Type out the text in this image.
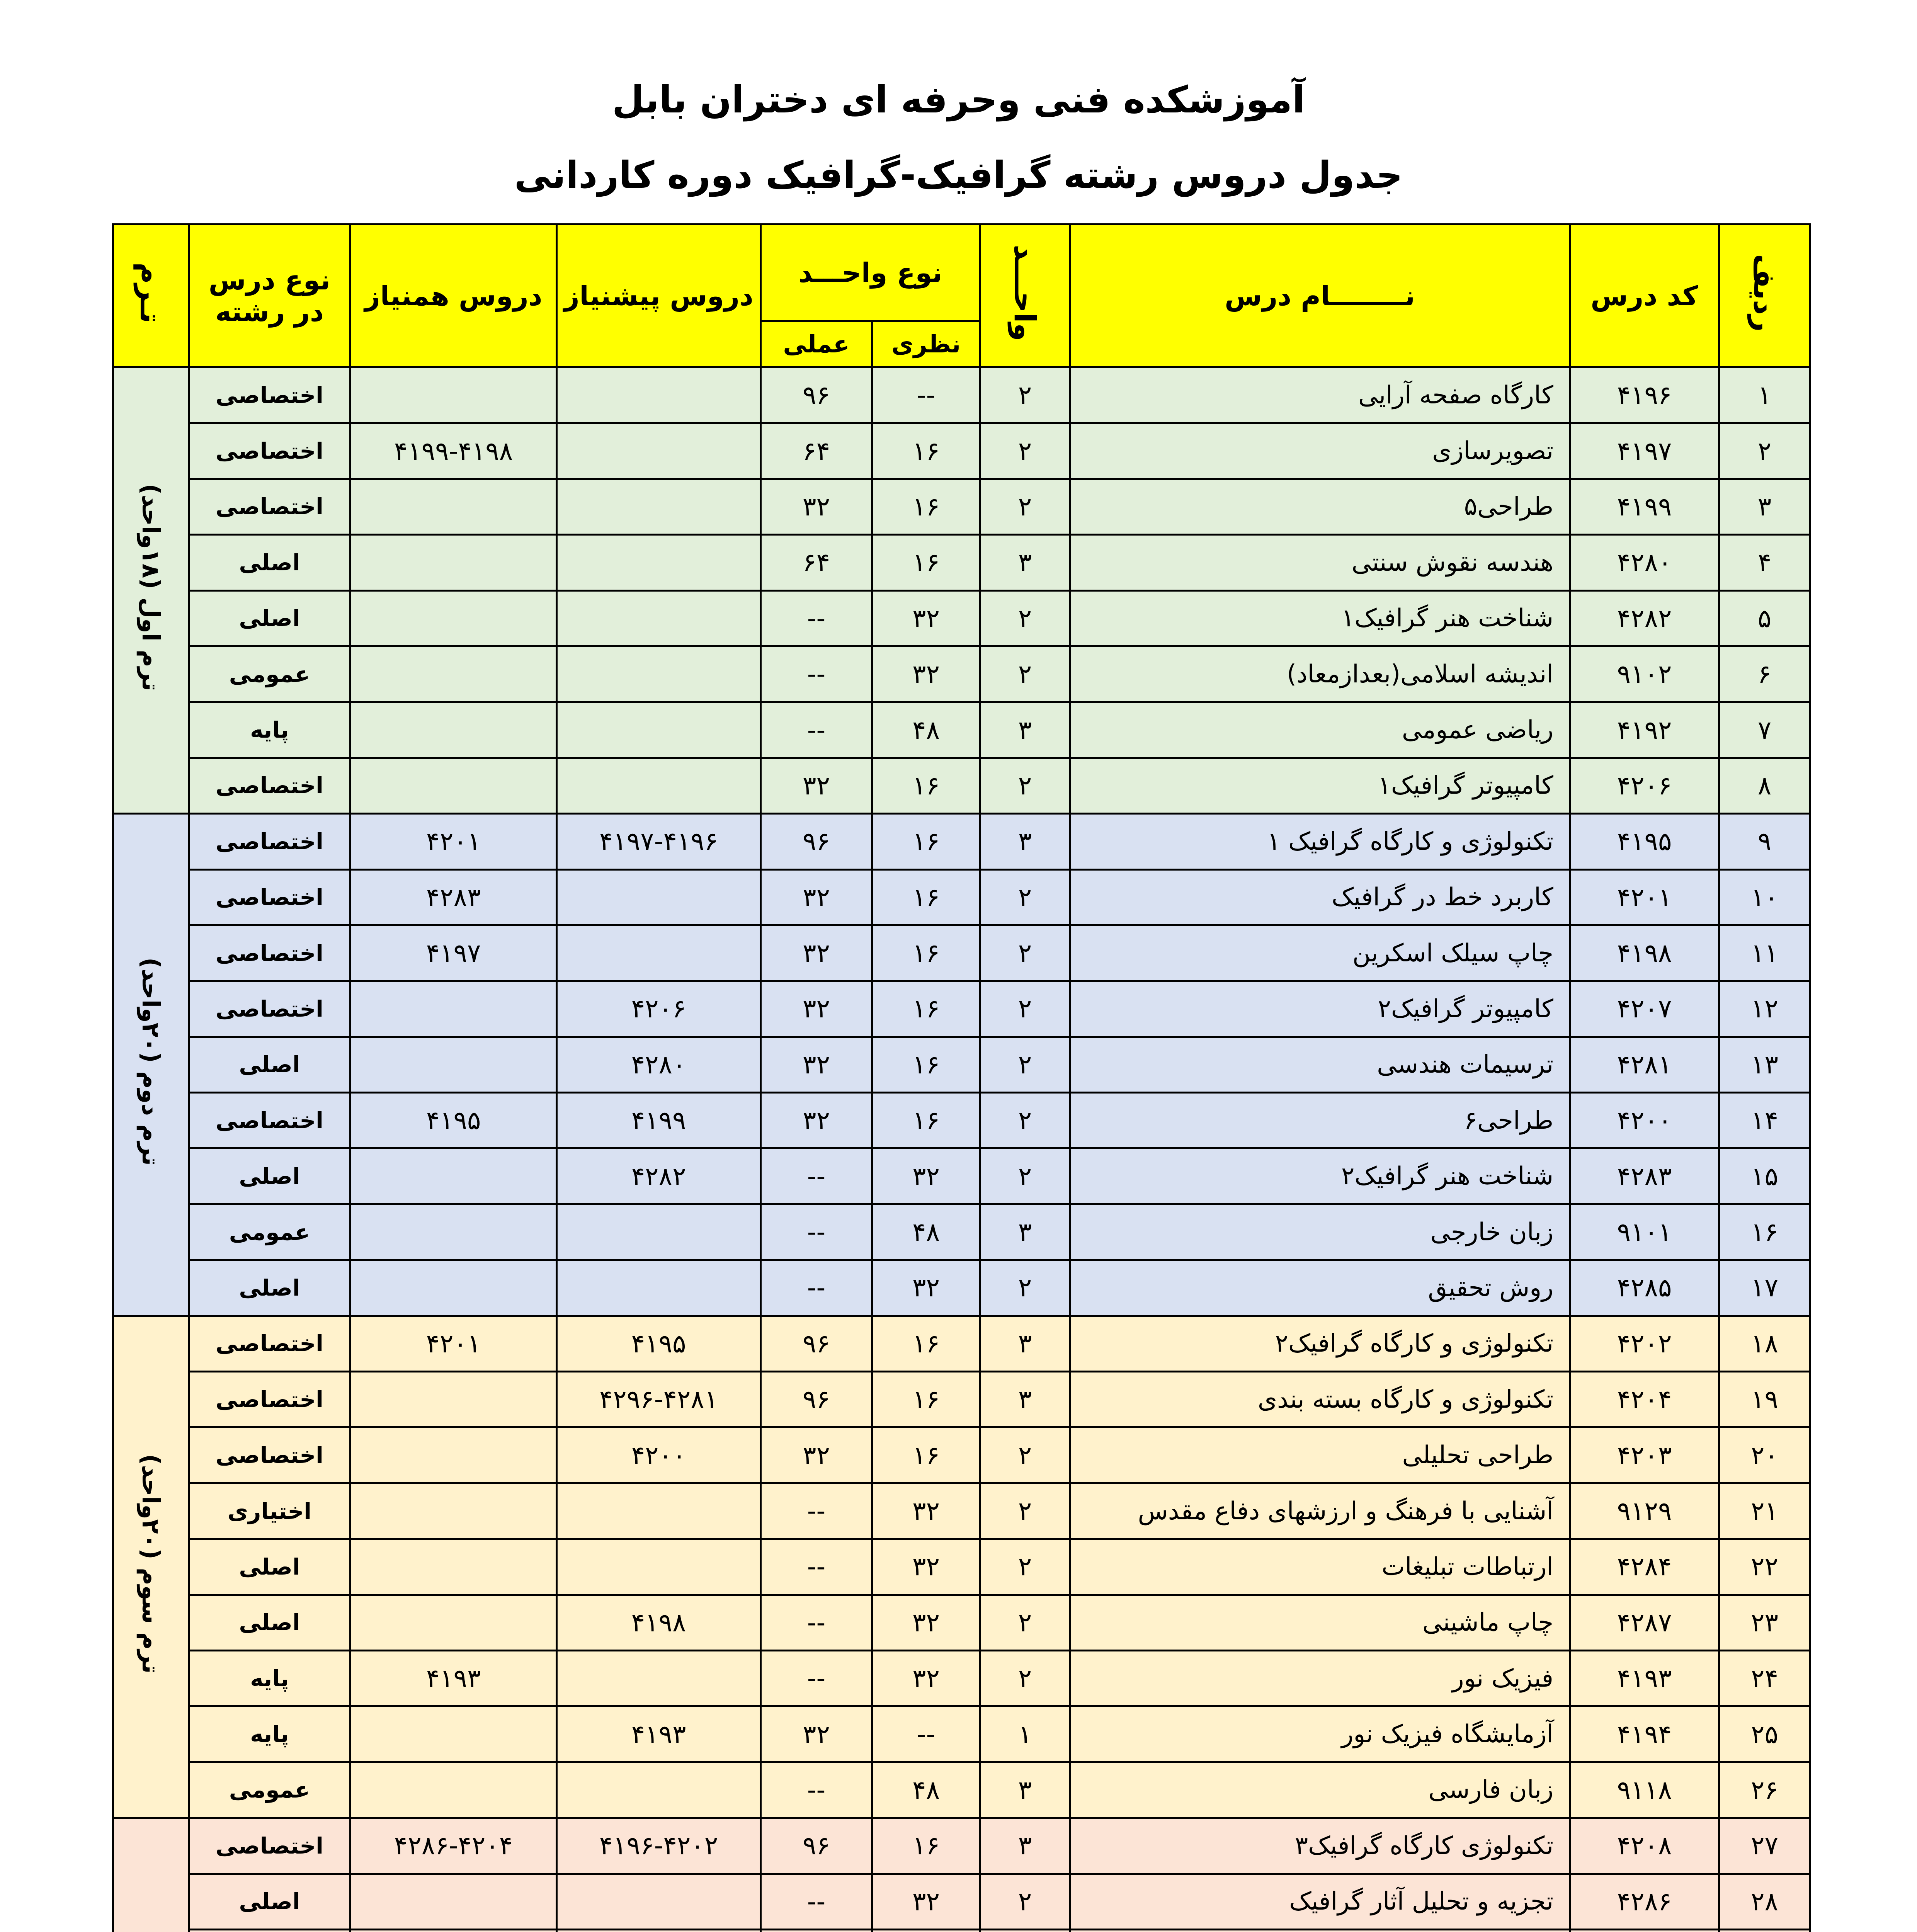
آموزشکده فنی وحرفه ای دختران بابل
جدول دروس رشته گرافیک-گرافیک دوره کاردانی
ردیف	کد درس	نــــــــام درس	واحـــد	نوع واحـــد		دروس پیشنیاز	دروس همنیاز	نوع درس در رشته	تـرم
				نظری	عملی				
۱	۴۱۹۶	کارگاه صفحه آرایی	۲	--	۹۶			اختصاصی	ترم اول (۱۸واحد)
۲	۴۱۹۷	تصویرسازی	۲	۱۶	۶۴		۴۱۹۹-۴۱۹۸	اختصاصی	
۳	۴۱۹۹	طراحی۵	۲	۱۶	۳۲			اختصاصی	
۴	۴۲۸۰	هندسه نقوش سنتی	۳	۱۶	۶۴			اصلی	
۵	۴۲۸۲	شناخت هنر گرافیک۱	۲	۳۲	--			اصلی	
۶	۹۱۰۲	اندیشه اسلامی(بعدازمعاد)	۲	۳۲	--			عمومی	
۷	۴۱۹۲	ریاضی عمومی	۳	۴۸	--			پایه	
۸	۴۲۰۶	کامپیوتر گرافیک۱	۲	۱۶	۳۲			اختصاصی	
۹	۴۱۹۵	تکنولوژی و کارگاه گرافیک ۱	۳	۱۶	۹۶	۴۱۹۷-۴۱۹۶	۴۲۰۱	اختصاصی	ترم دوم (۲۰واحد)
۱۰	۴۲۰۱	کاربرد خط در گرافیک	۲	۱۶	۳۲		۴۲۸۳	اختصاصی	
۱۱	۴۱۹۸	چاپ سیلک اسکرین	۲	۱۶	۳۲		۴۱۹۷	اختصاصی	
۱۲	۴۲۰۷	کامپیوتر گرافیک۲	۲	۱۶	۳۲	۴۲۰۶		اختصاصی	
۱۳	۴۲۸۱	ترسیمات هندسی	۲	۱۶	۳۲	۴۲۸۰		اصلی	
۱۴	۴۲۰۰	طراحی۶	۲	۱۶	۳۲	۴۱۹۹	۴۱۹۵	اختصاصی	
۱۵	۴۲۸۳	شناخت هنر گرافیک۲	۲	۳۲	--	۴۲۸۲		اصلی	
۱۶	۹۱۰۱	زبان خارجی	۳	۴۸	--			عمومی	
۱۷	۴۲۸۵	روش تحقیق	۲	۳۲	--			اصلی	
۱۸	۴۲۰۲	تکنولوژی و کارگاه گرافیک۲	۳	۱۶	۹۶	۴۱۹۵	۴۲۰۱	اختصاصی	ترم سوم (۲۰واحد)
۱۹	۴۲۰۴	تکنولوژی و کارگاه بسته بندی	۳	۱۶	۹۶	۴۲۹۶-۴۲۸۱		اختصاصی	
۲۰	۴۲۰۳	طراحی تحلیلی	۲	۱۶	۳۲	۴۲۰۰		اختصاصی	
۲۱	۹۱۲۹	آشنایی با فرهنگ و ارزشهای دفاع مقدس	۲	۳۲	--			اختیاری	
۲۲	۴۲۸۴	ارتباطات تبلیغات	۲	۳۲	--			اصلی	
۲۳	۴۲۸۷	چاپ ماشینی	۲	۳۲	--	۴۱۹۸		اصلی	
۲۴	۴۱۹۳	فیزیک نور	۲	۳۲	--		۴۱۹۳	پایه	
۲۵	۴۱۹۴	آزمایشگاه فیزیک نور	۱	--	۳۲	۴۱۹۳		پایه	
۲۶	۹۱۱۸	زبان فارسی	۳	۴۸	--			عمومی	
۲۷	۴۲۰۸	تکنولوژی کارگاه گرافیک۳	۳	۱۶	۹۶	۴۱۹۶-۴۲۰۲	۴۲۸۶-۴۲۰۴	اختصاصی	
۲۸	۴۲۸۶	تجزیه و تحلیل آثار گرافیک	۲	۳۲	--			اصلی	
